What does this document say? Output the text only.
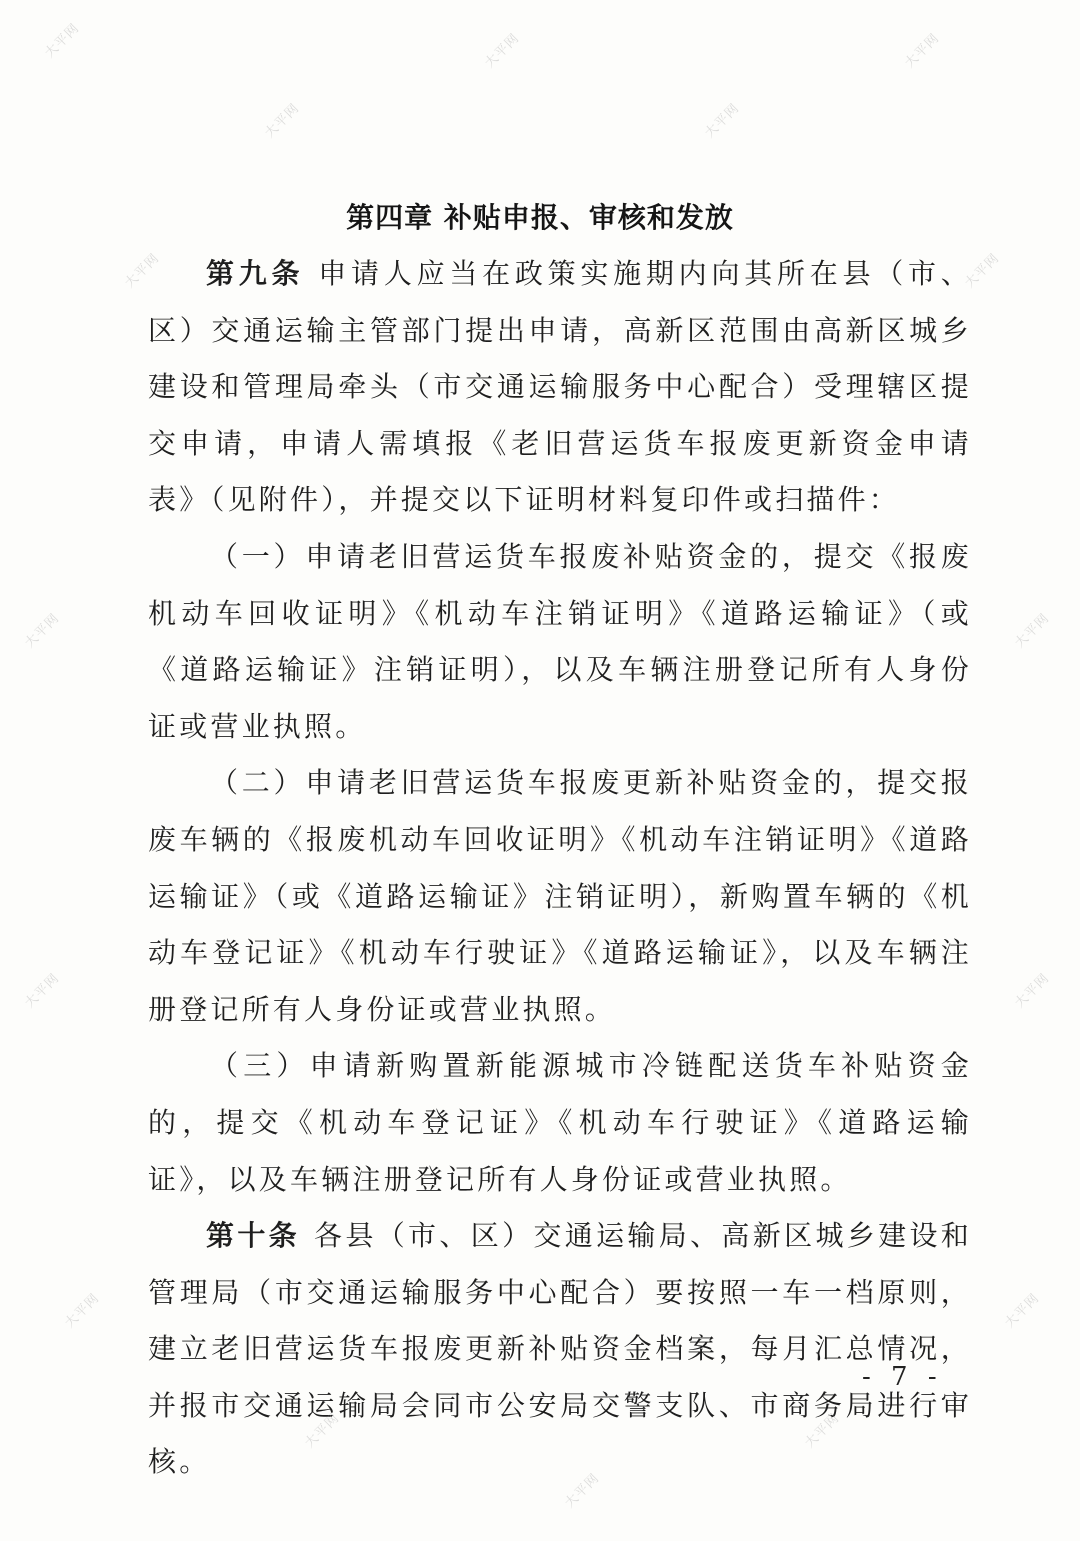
第四章 补贴申报、审核和发放

第九条 申请人应当在政策实施期内向其所在县（市、区）交通运输主管部门提出申请，高新区范围由高新区城乡建设和管理局牵头（市交通运输服务中心配合）受理辖区提交申请，申请人需填报《老旧营运货车报废更新资金申请表》（见附件），并提交以下证明材料复印件或扫描件：

（一）申请老旧营运货车报废补贴资金的，提交《报废机动车回收证明》《机动车注销证明》《道路运输证》（或《道路运输证》注销证明），以及车辆注册登记所有人身份证或营业执照。

（二）申请老旧营运货车报废更新补贴资金的，提交报废车辆的《报废机动车回收证明》《机动车注销证明》《道路运输证》（或《道路运输证》注销证明），新购置车辆的《机动车登记证》《机动车行驶证》《道路运输证》，以及车辆注册登记所有人身份证或营业执照。

（三）申请新购置新能源城市冷链配送货车补贴资金的，提交《机动车登记证》《机动车行驶证》《道路运输证》，以及车辆注册登记所有人身份证或营业执照。

第十条 各县（市、区）交通运输局、高新区城乡建设和管理局（市交通运输服务中心配合）要按照一车一档原则，建立老旧营运货车报废更新补贴资金档案，每月汇总情况，并报市交通运输局会同市公安局交警支队、市商务局进行审核。

- 7 -
大平网
大平网
大平网
大平网
大平网
大平网	大平网
大平网	大平网
大平网	大平网
大平网
大平网
大平网
大平网
大平网
